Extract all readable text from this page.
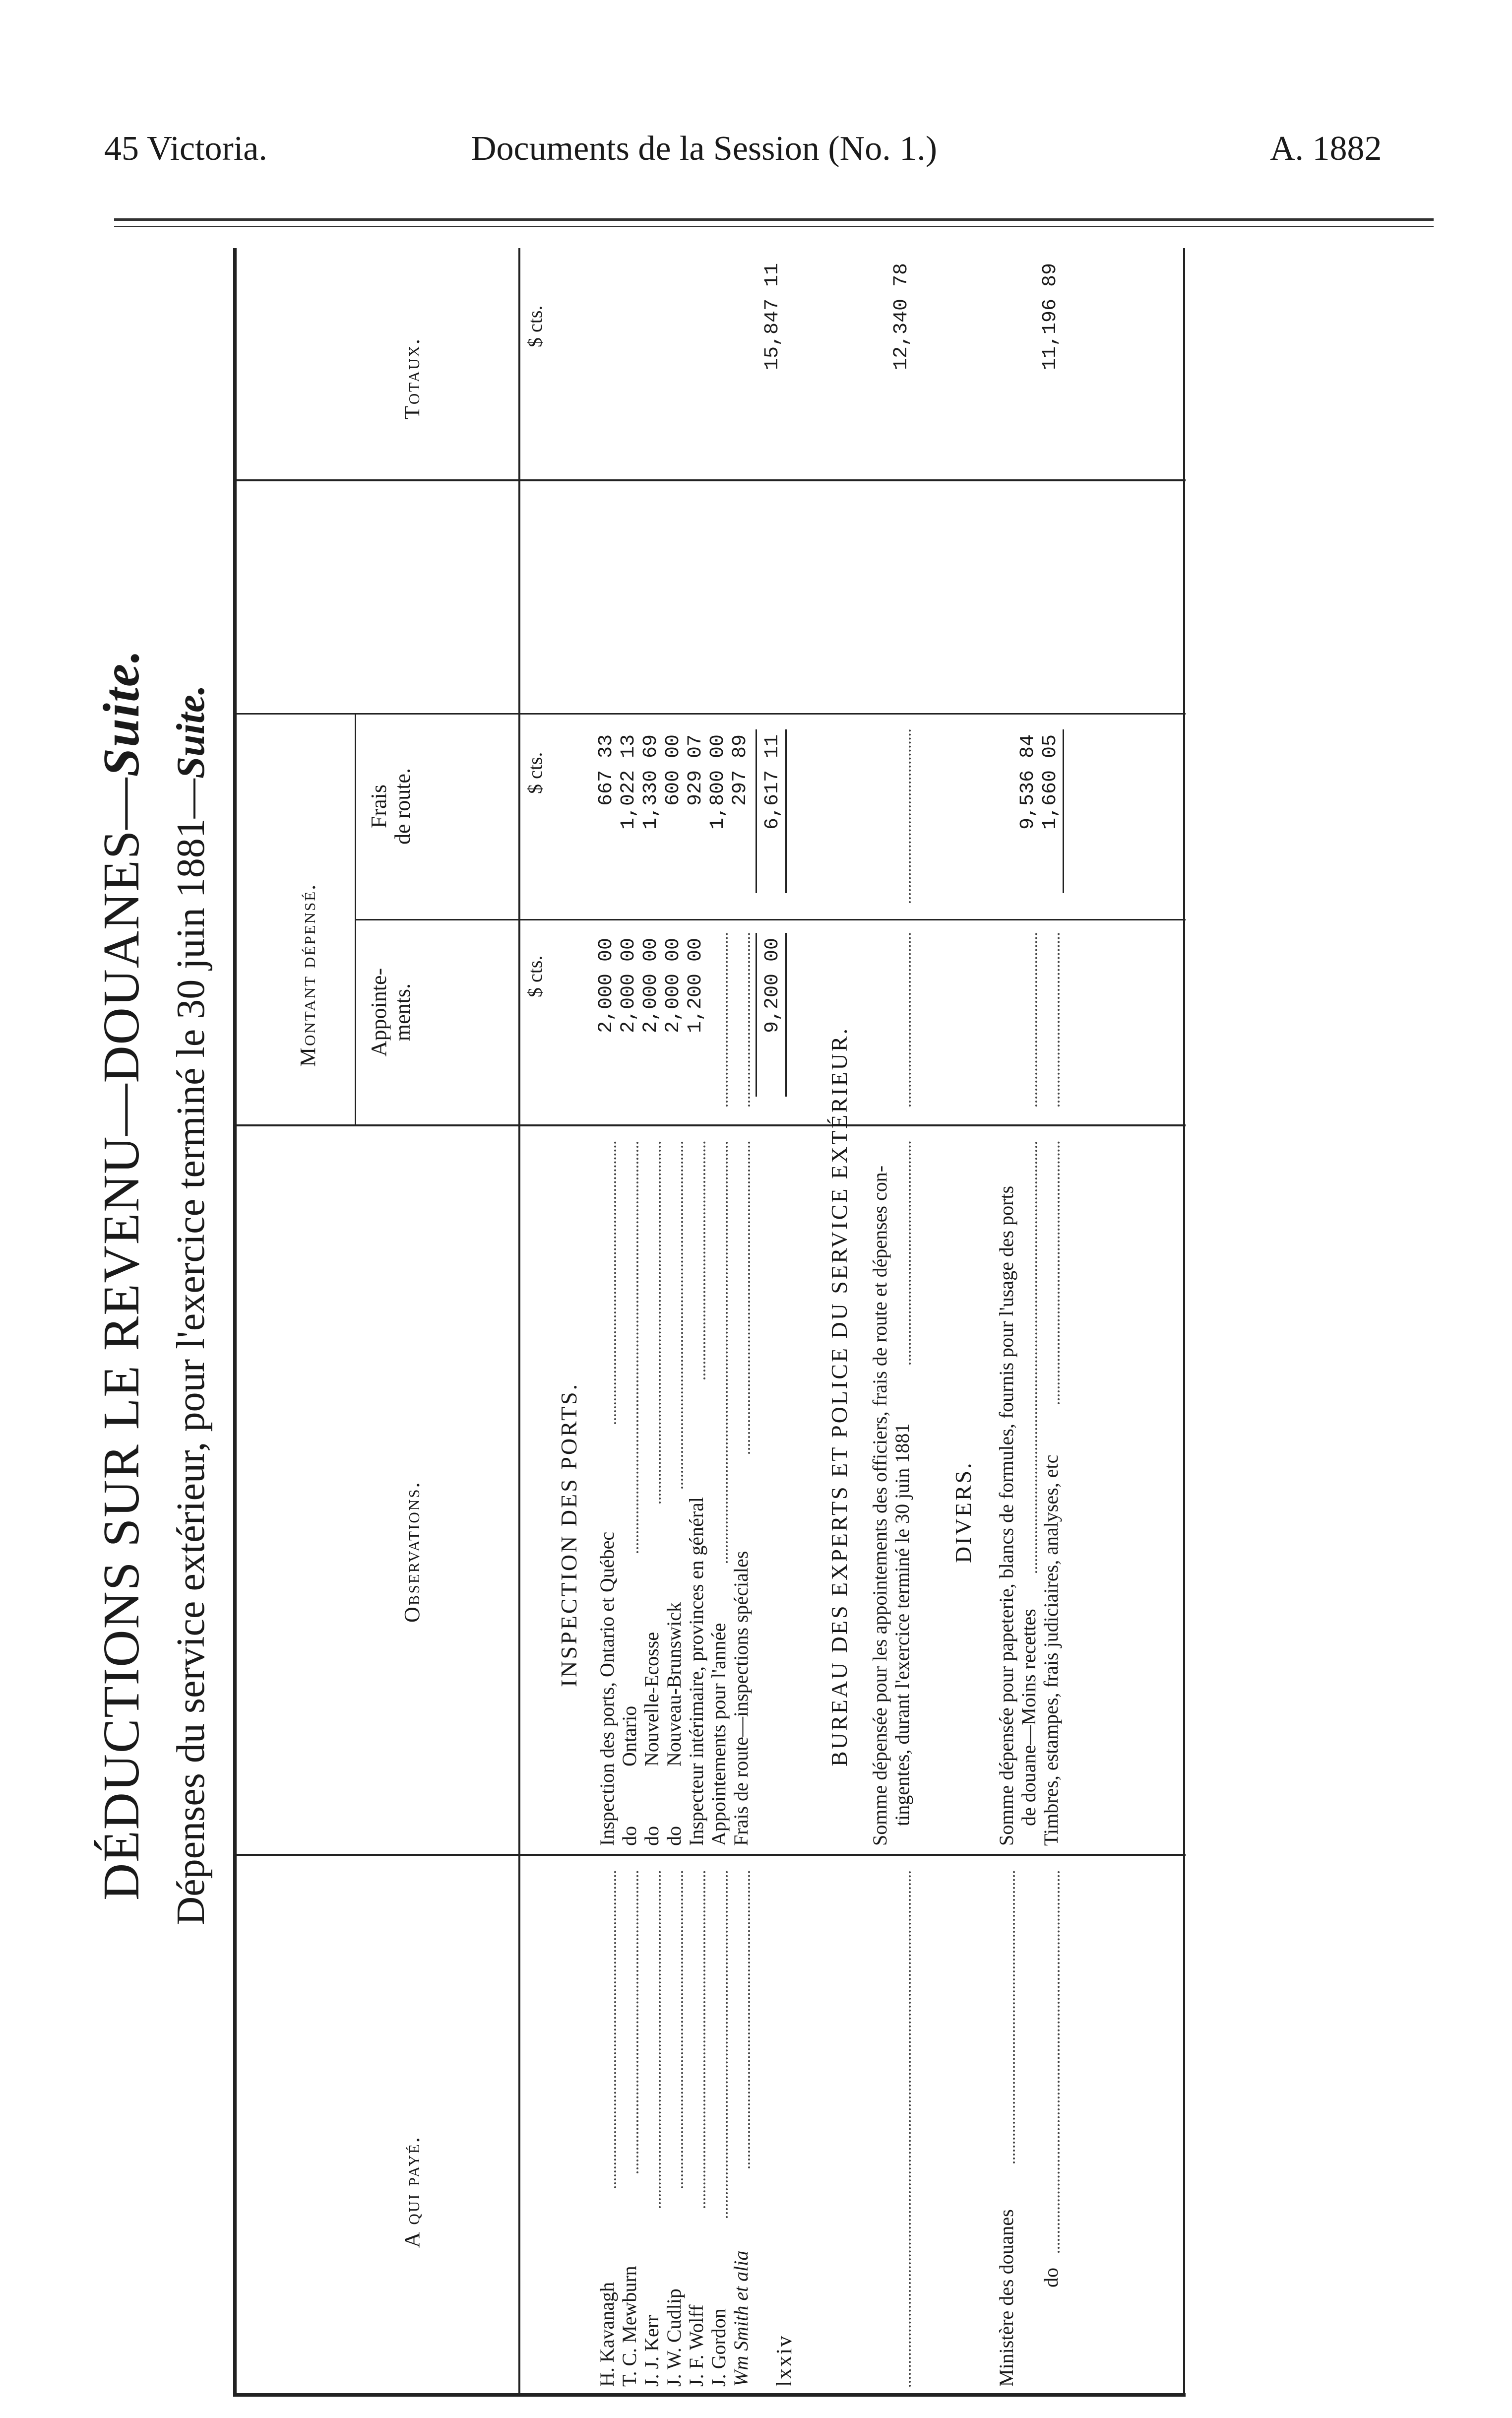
45 Victoria.	Documents de la Session (No. 1.)	A. 1882
DÉDUCTIONS SUR LE REVENU—DOUANES—Suite.
Dépenses du service extérieur, pour l'exercice terminé le 30 juin 1881—Suite.
A qui payé.
Observations.
Montant dépensé. Appointe-
ments.
Frais
de route.
Totaux.
$ cts.
$ cts.
$ cts.
INSPECTION DES PORTS.
H. Kavanagh
Inspection des ports, Ontario et Québec
2,000 00
667 33
T. C. Mewburn
do            Ontario
2,000 00
1,022 13
J. J. Kerr
do            Nouvelle-Ecosse
2,000 00
1,330 69
J. W. Cudlip
do            Nouveau-Brunswick
2,000 00
600 00
J. F. Wolff
Inspecteur intérimaire, provinces en général
1,200 00
929 07
J. Gordon
Appointements pour l'année
1,800 00
Wm Smith et alia
Frais de route—inspections spéciales
297 89
9,200 00
6,617 11
15,847 11
BUREAU DES EXPERTS ET POLICE DU SERVICE EXTÉRIEUR. Somme dépensée pour les appointements des officiers, frais de route et dépenses con- tingentes, durant l'exercice terminé le 30 juin 1881
12,340 78
DIVERS.
Ministère des douanes
Somme dépensée pour papeterie, blancs de formules, fournis pour l'usage des ports de douane—Moins recettes
do
Timbres, estampes, frais judiciaires, analyses, etc
9,536 84 1,660 05
11,196 89
lxxiv
